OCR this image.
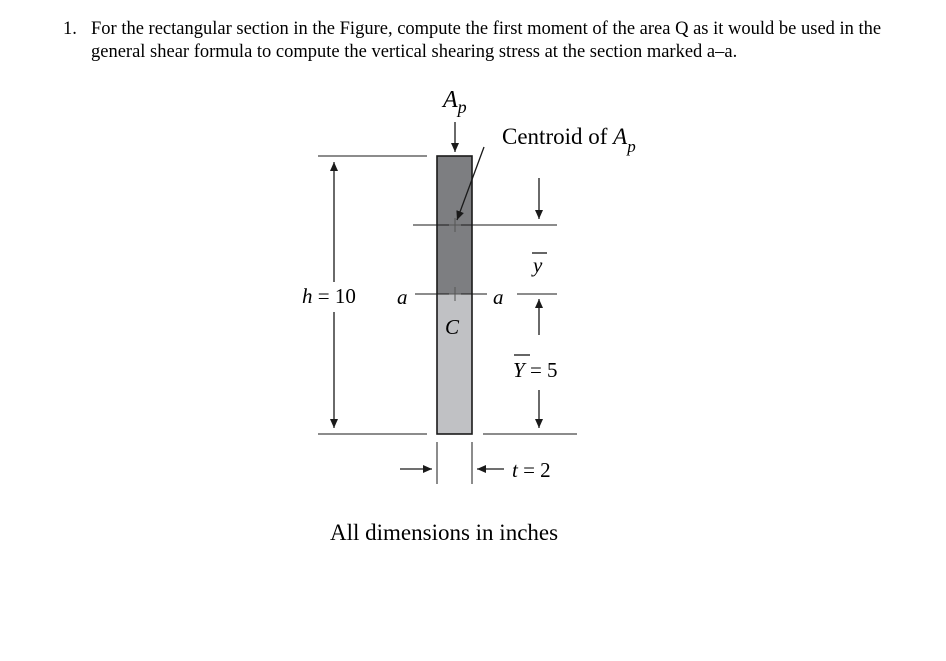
1. For the rectangular section in the Figure, compute the first moment of the area Q as it would be used in the general shear formula to compute the vertical shearing stress at the section marked a–a.
$A_p$
Centroid of $A_p$
h = 10 a	a
C
y
Y = 5
t = 2
All dimensions in inches
